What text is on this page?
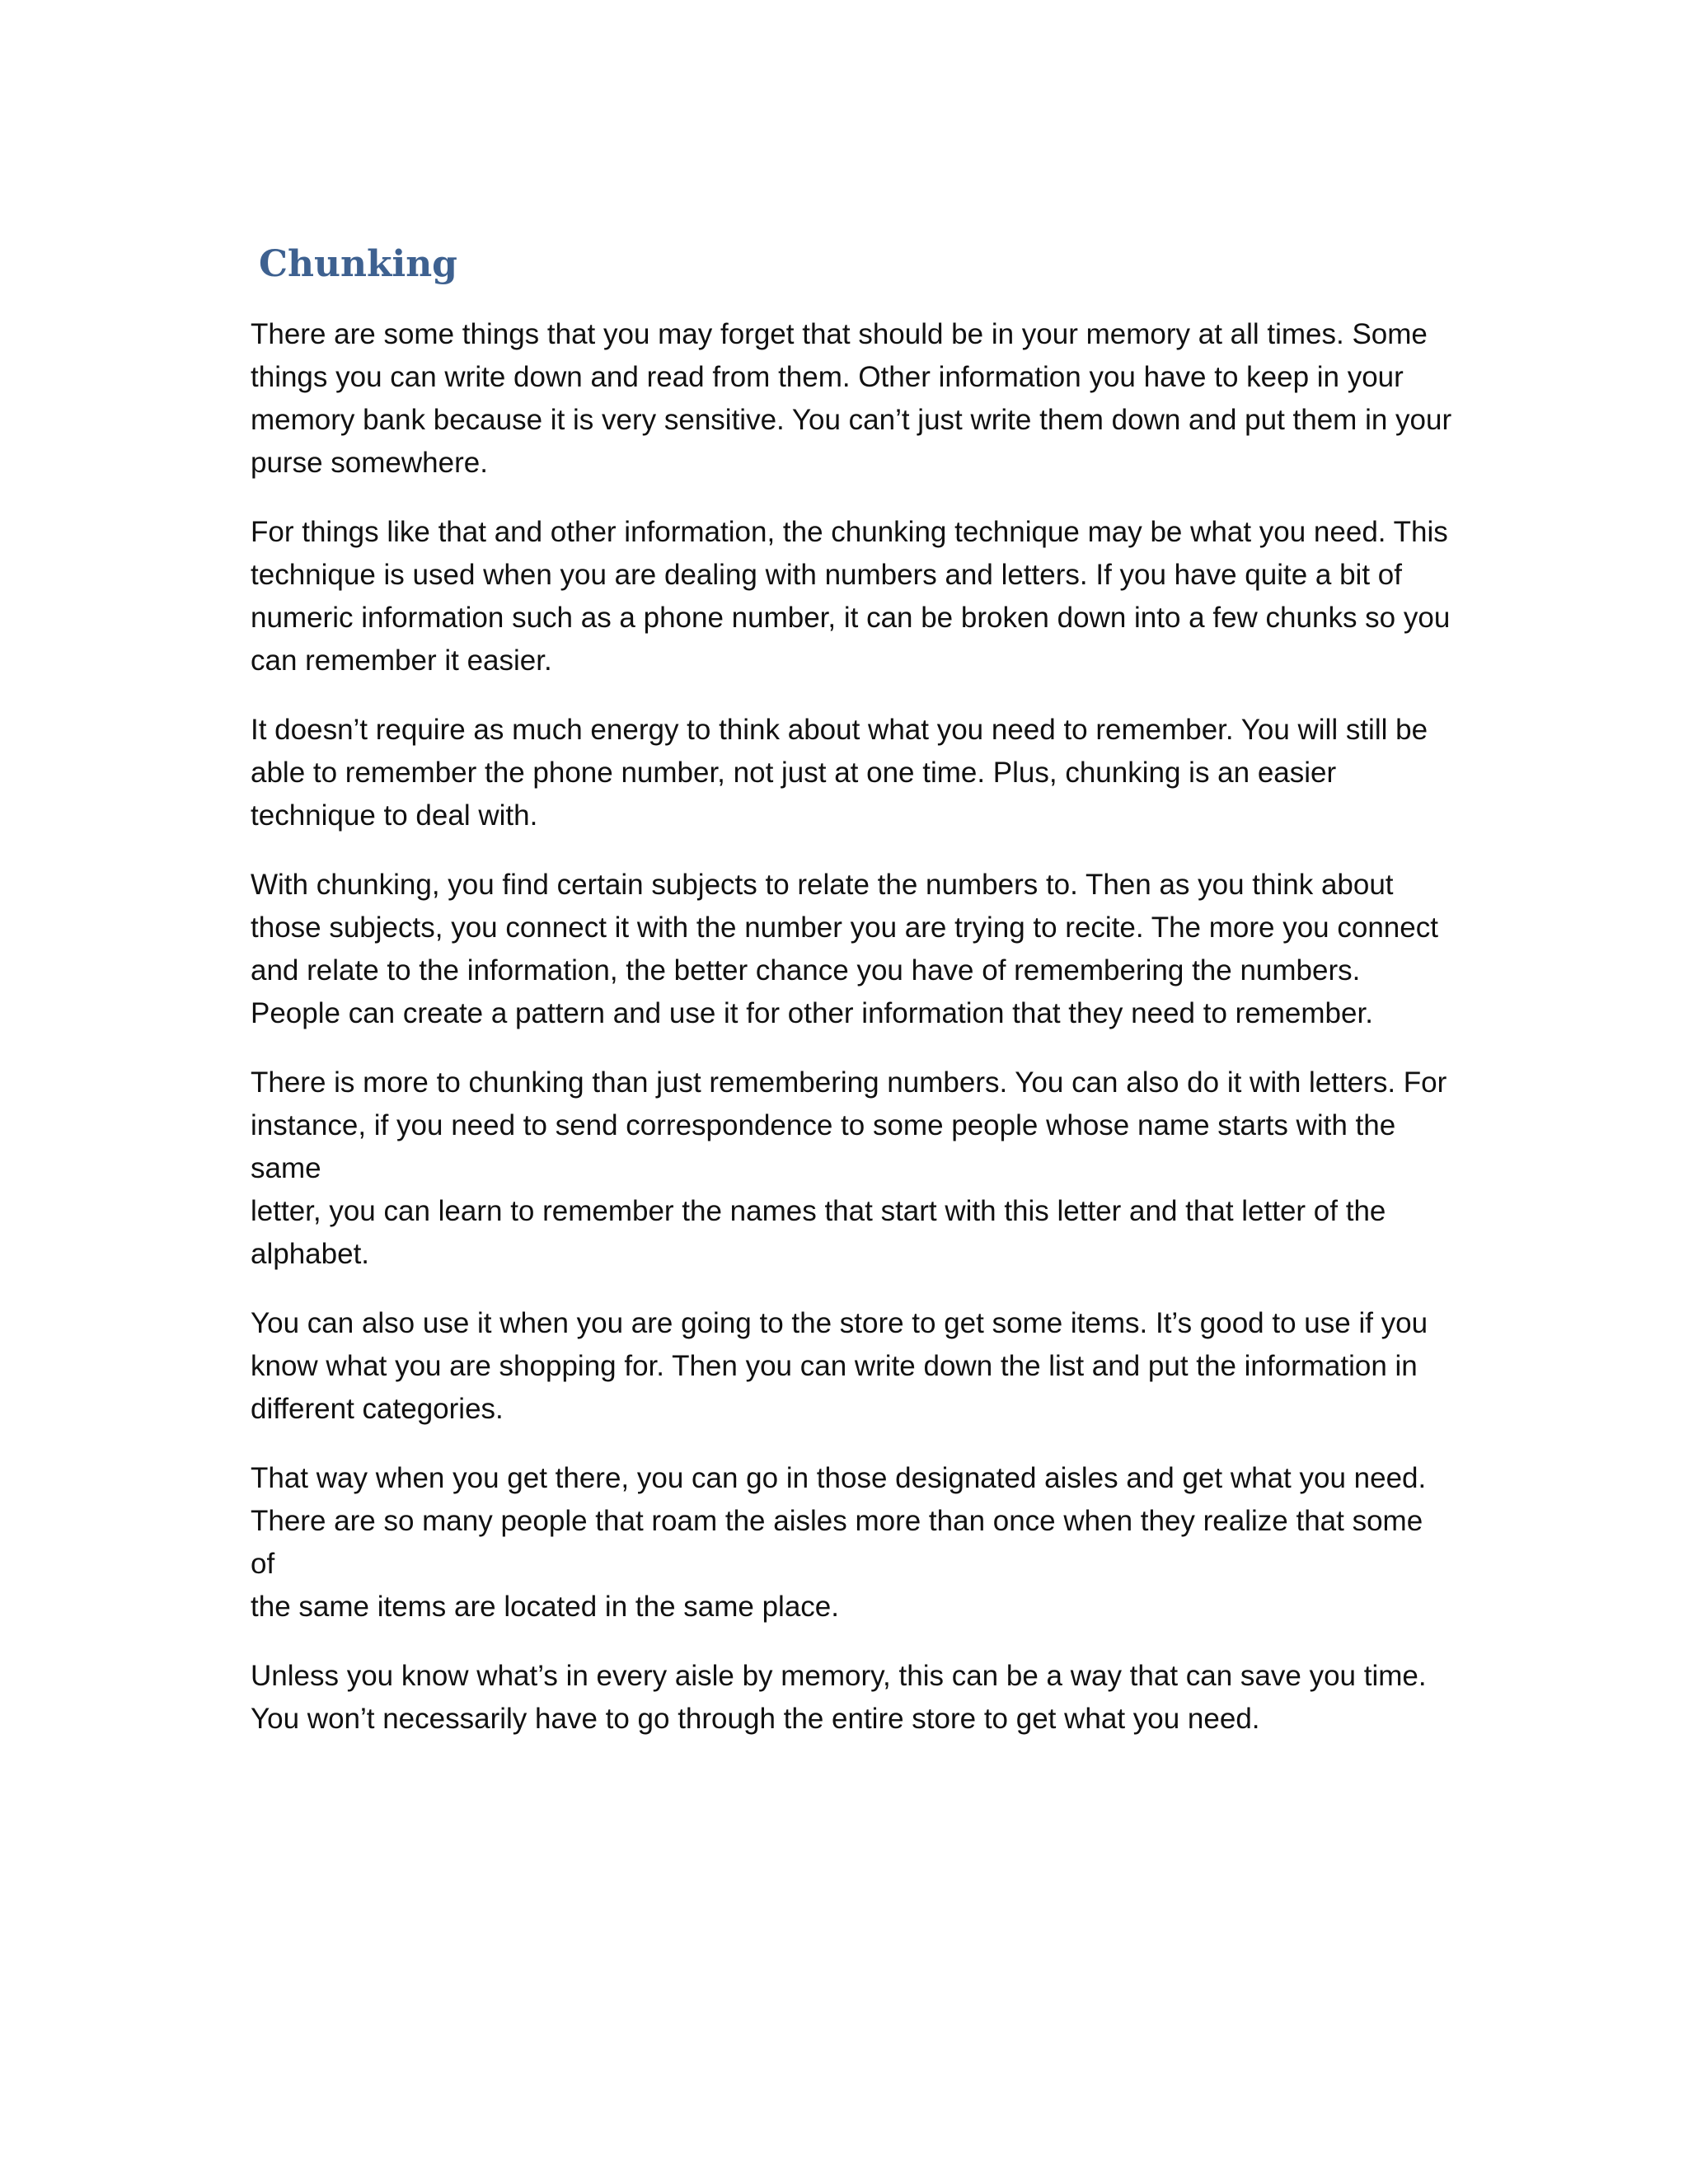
Chunking

There are some things that you may forget that should be in your memory at all times. Some
things you can write down and read from them. Other information you have to keep in your
memory bank because it is very sensitive. You can’t just write them down and put them in your
purse somewhere.

For things like that and other information, the chunking technique may be what you need. This
technique is used when you are dealing with numbers and letters. If you have quite a bit of
numeric information such as a phone number, it can be broken down into a few chunks so you
can remember it easier.

It doesn’t require as much energy to think about what you need to remember. You will still be
able to remember the phone number, not just at one time. Plus, chunking is an easier
technique to deal with.

With chunking, you find certain subjects to relate the numbers to. Then as you think about
those subjects, you connect it with the number you are trying to recite. The more you connect
and relate to the information, the better chance you have of remembering the numbers.
People can create a pattern and use it for other information that they need to remember.

There is more to chunking than just remembering numbers. You can also do it with letters. For
instance, if you need to send correspondence to some people whose name starts with the same
letter, you can learn to remember the names that start with this letter and that letter of the
alphabet.

You can also use it when you are going to the store to get some items. It’s good to use if you
know what you are shopping for. Then you can write down the list and put the information in
different categories.

That way when you get there, you can go in those designated aisles and get what you need.
There are so many people that roam the aisles more than once when they realize that some of
the same items are located in the same place.

Unless you know what’s in every aisle by memory, this can be a way that can save you time.
You won’t necessarily have to go through the entire store to get what you need.
